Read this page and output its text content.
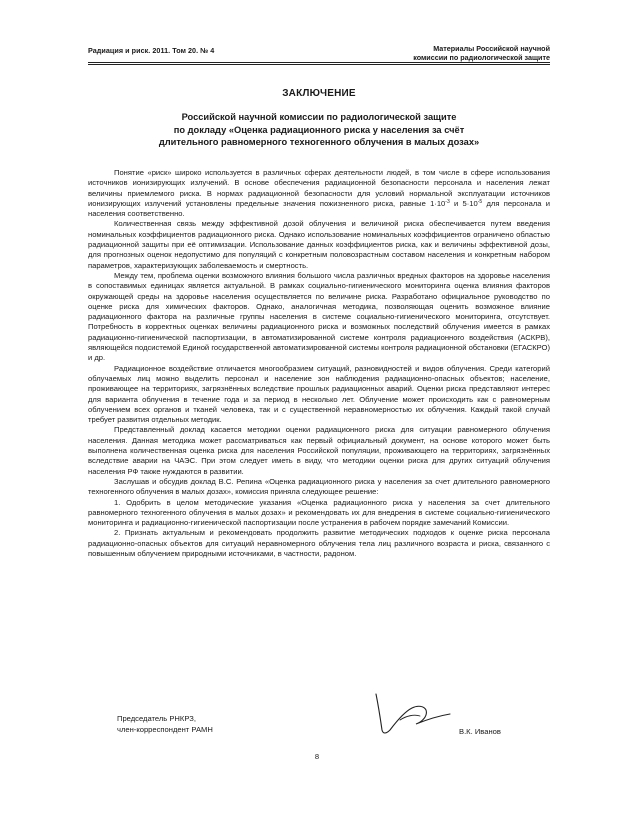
Радиация и риск. 2011. Том 20. № 4	Материалы Российской научной
комиссии по радиологической защите
ЗАКЛЮЧЕНИЕ
Российской научной комиссии по радиологической защите
по докладу «Оценка радиационного риска у населения за счёт
длительного равномерного техногенного облучения в малых дозах»

Понятие «риск» широко используется в различных сферах деятельности людей, в том числе в сфере использования источников ионизирующих излучений. В основе обеспечения радиационной безопасности персонала и населения лежат величины приемлемого риска. В нормах радиационной безопасности для условий нормальной эксплуатации источников ионизирующих излучений установлены предельные значения пожизненного риска, равные $1\cdot 10^{-3}$ и $5\cdot 10^{-5}$ для персонала и населения соответственно.

Количественная связь между эффективной дозой облучения и величиной риска обеспечивается путем введения номинальных коэффициентов радиационного риска. Однако использование номинальных коэффициентов ограничено областью радиационной защиты при её оптимизации. Использование данных коэффициентов риска, как и величины эффективной дозы, для прогнозных оценок недопустимо для популяций с конкретным половозрастным составом населения и конкретным набором параметров, характеризующих заболеваемость и смертность.

Между тем, проблема оценки возможного влияния большого числа различных вредных факторов на здоровье населения в сопоставимых единицах является актуальной. В рамках социально-гигиенического мониторинга оценка влияния факторов окружающей среды на здоровье населения осуществляется по величине риска. Разработано официальное руководство по оценке риска для химических факторов. Однако, аналогичная методика, позволяющая оценить возможное влияние радиационного фактора на различные группы населения в системе социально-гигиенического мониторинга, отсутствует. Потребность в корректных оценках величины радиационного риска и возможных последствий облучения имеется в рамках радиационно-гигиенической паспортизации, в автоматизированной системе контроля радиационного воздействия (АСКРВ), являющейся подсистемой Единой государственной автоматизированной системы контроля радиационной обстановки (ЕГАСКРО) и др.

Радиационное воздействие отличается многообразием ситуаций, разновидностей и видов облучения. Среди категорий облучаемых лиц можно выделить персонал и население зон наблюдения радиационно-опасных объектов; население, проживающее на территориях, загрязнённых вследствие прошлых радиационных аварий. Оценки риска представляют интерес для варианта облучения в течение года и за период в несколько лет. Облучение может происходить как с равномерным облучением всех органов и тканей человека, так и с существенной неравномерностью их облучения. Каждый такой случай требует развития отдельных методик.

Представленный доклад касается методики оценки радиационного риска для ситуации равномерного облучения населения. Данная методика может рассматриваться как первый официальный документ, на основе которого может быть выполнена количественная оценка риска для населения Российской популяции, проживающего на территориях, загрязнённых вследствие аварии на ЧАЭС. При этом следует иметь в виду, что методики оценки риска для других ситуаций облучения населения РФ также нуждаются в развитии.

Заслушав и обсудив доклад В.С. Репина «Оценка радиационного риска у населения за счет длительного равномерного техногенного облучения в малых дозах», комиссия приняла следующее решение:

1. Одобрить в целом методические указания «Оценка радиационного риска у населения за счет длительного равномерного техногенного облучения в малых дозах» и рекомендовать их для внедрения в системе социально-гигиенического мониторинга и радиационно-гигиенической паспортизации после устранения в рабочем порядке замечаний Комиссии.

2. Признать актуальным и рекомендовать продолжить развитие методических подходов к оценке риска персонала радиационно-опасных объектов для ситуаций неравномерного облучения тела лиц различного возраста и риска, связанного с повышенным облучением природными источниками, в частности, радоном.

Председатель РНКРЗ,
член-корреспондент РАМН	В.К. Иванов
8
